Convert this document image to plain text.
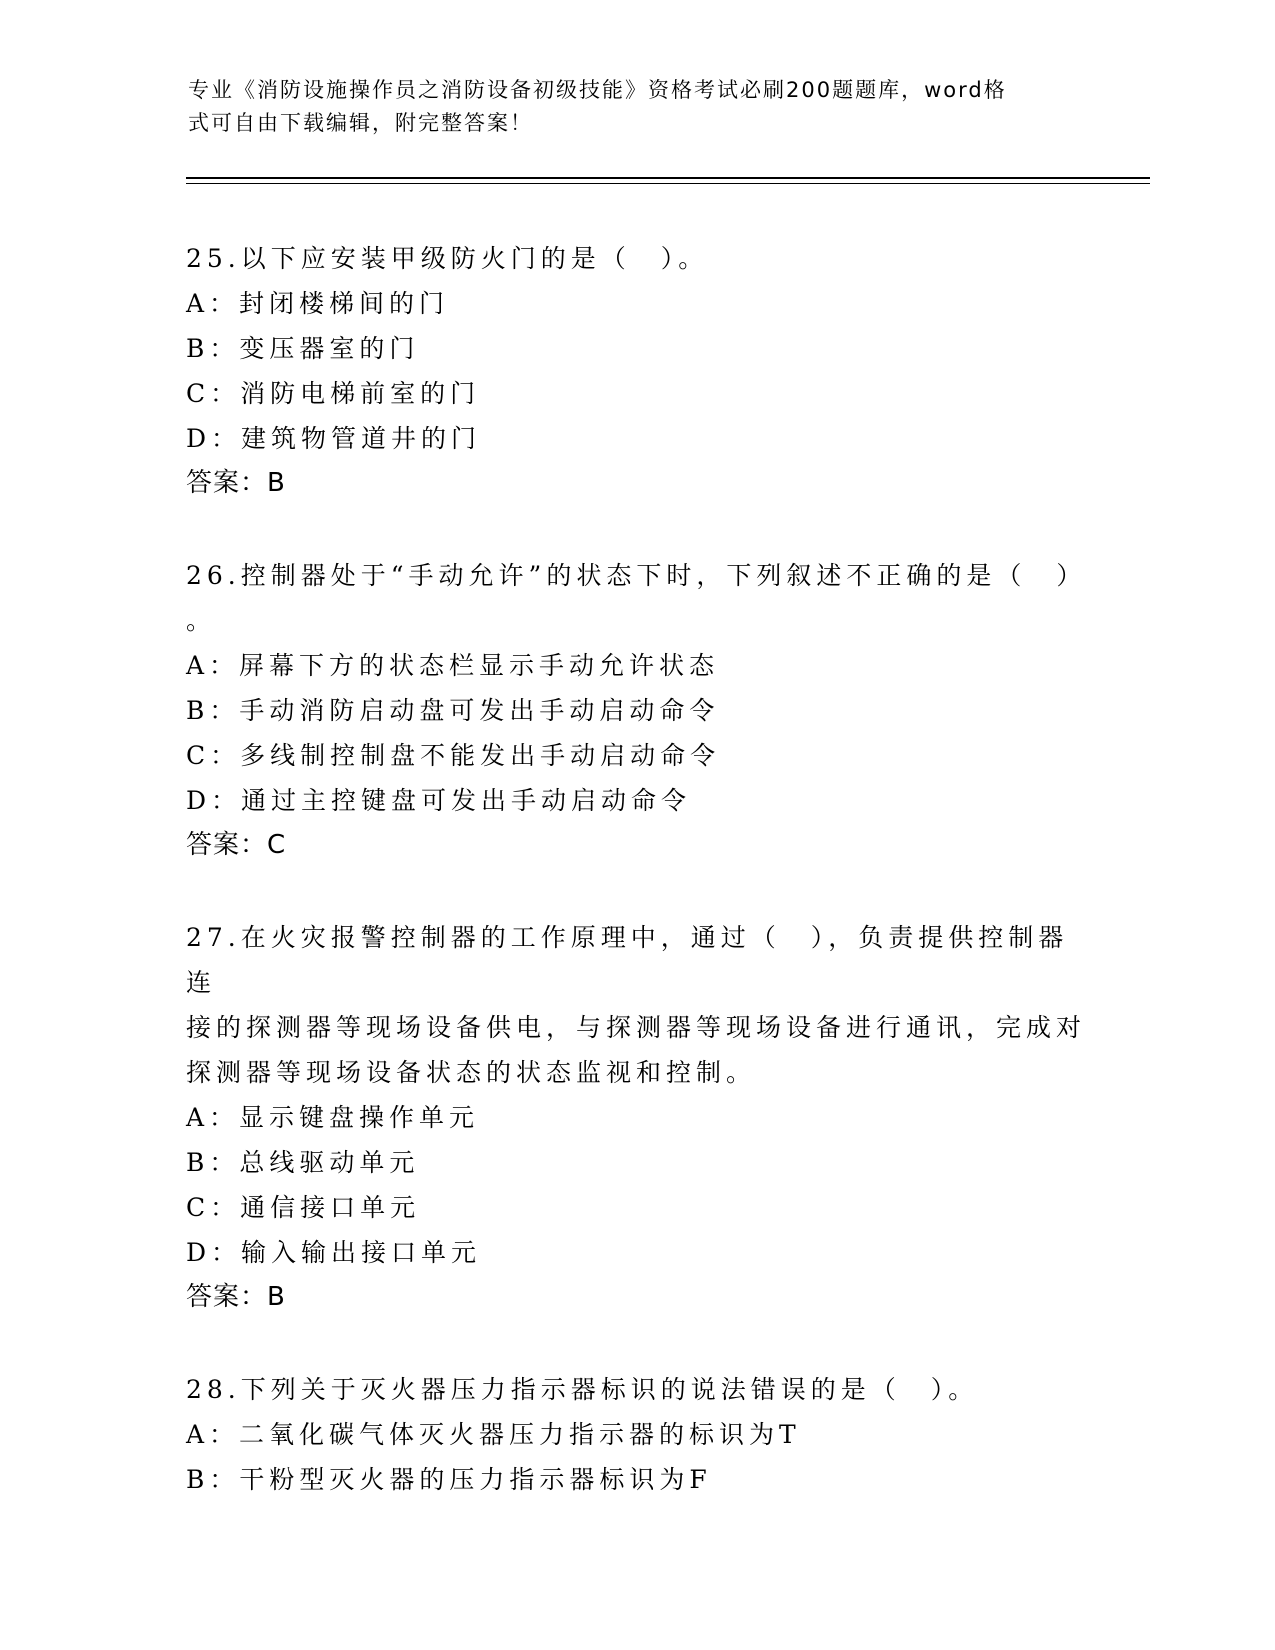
专业《消防设施操作员之消防设备初级技能》资格考试必刷200题题库，word格
式可自由下载编辑，附完整答案！
25.以下应安装甲级防火门的是（　）。
A：封闭楼梯间的门
B：变压器室的门
C：消防电梯前室的门
D：建筑物管道井的门
答案：B
26.控制器处于“手动允许”的状态下时，下列叙述不正确的是（　）
。
A：屏幕下方的状态栏显示手动允许状态
B：手动消防启动盘可发出手动启动命令
C：多线制控制盘不能发出手动启动命令
D：通过主控键盘可发出手动启动命令
答案：C
27.在火灾报警控制器的工作原理中，通过（　），负责提供控制器连
接的探测器等现场设备供电，与探测器等现场设备进行通讯，完成对
探测器等现场设备状态的状态监视和控制。
A：显示键盘操作单元
B：总线驱动单元
C：通信接口单元
D：输入输出接口单元
答案：B
28.下列关于灭火器压力指示器标识的说法错误的是（　）。
A：二氧化碳气体灭火器压力指示器的标识为T
B：干粉型灭火器的压力指示器标识为F
